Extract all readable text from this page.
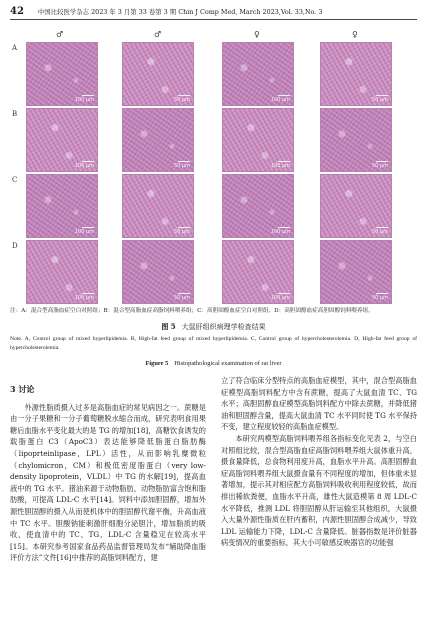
42 中国比较医学杂志 2023 年 3 月第 33 卷第 3 期 Chin J Comp Med, March 2023,Vol. 33,No. 3
♂	♂	♀	♀
A
100 μm	50 μm	100 μm	50 μm
B
100 μm	50 μm	100 μm	50 μm
C
100 μm	50 μm	100 μm	50 μm
D
100 μm	50 μm	100 μm	50 μm
注：A：混合型高脂血症空白对照组；B：混合型高脂血症高脂饲料喂养组；C：高胆固醇血症空白对照组；D：高胆固醇血症高胆固醇饲料喂养组。
图 5 大鼠肝组织病理学检查结果
Note. A, Control group of mixed hyperlipidemia. B, High-fat feed group of mixed hyperlipidemia. C, Control group of hypercholesterolemia. D, High-fat feed group of hypercholesterolemia.
Figure 5 Histopathological examination of rat liver
3 讨论

外源性脂质摄入过多是高脂血症的常见病因之一。蔗糖是由一分子果糖和一分子葡萄糖脱水缩合而成，研究表明食用果糖后血脂水平变化最大的是 TG 的增加[18]，高糖饮食诱发的载脂蛋白 C3（ApoC3）表达能够降低脂蛋白脂肪酶（lipoprteinlipase，LPL）活性，从而影响乳糜微粒（chylomicron，CM）和极低密度脂蛋白（very low-density lipoprotein，VLDL）中 TG 的水解[19]，提高血液中的 TG 水平。猪油来源于动物脂肪，动物脂肪富含饱和脂肪酸，可提高 LDL-C 水平[14]。饲料中添加胆固醇，增加外源性胆固醇的摄入从而使机体中的胆固醇代谢平衡，升高血液中 TC 水平。胆酸钠能刺激肝细胞分泌胆汁，增加脂质的吸收，使血清中的 TC、TG、LDL-C 含量稳定在较高水平[15]。本研究参考国家食品药品监督管理局发布“辅助降血脂评价方法”文件[16]中推荐的高脂饲料配方，建

立了符合临床分型特点的高脂血症模型，其中，混合型高脂血症模型高脂饲料配方中含有蔗糖，提高了大鼠血清 TC、TG 水平；高胆固醇血症模型高脂饲料配方中除去蔗糖，并降低猪油和胆固醇含量，提高大鼠血清 TC 水平同时使 TG 水平保持不变，建立程度较轻的高脂血症模型。

本研究两模型高脂饲料喂养组各指标变化见表 2，与空白对照组比较，混合型高脂血症高脂饲料喂养组大鼠体重升高，摄食量降低，总食物利用度升高，血脂水平升高。高胆固醇血症高脂饲料喂养组大鼠摄食量有不同程度的增加，但体重未显著增加，提示其对相应配方高脂饲料吸收利用程度较低，故而排出稀软粪便，血脂水平升高，雄性大鼠造模第 8 周 LDL-C 水平降低，推测 LDL 将胆固醇从肝运输至其他组织，大鼠摄入大量外源性脂质在肝内蓄积，内源性胆固醇合成减少，导致 LDL 运输能力下降，LDL-C 含量降低。脏器指数是评价脏器病变情况的重要指标，其大小可敏感反映器官的功能强
